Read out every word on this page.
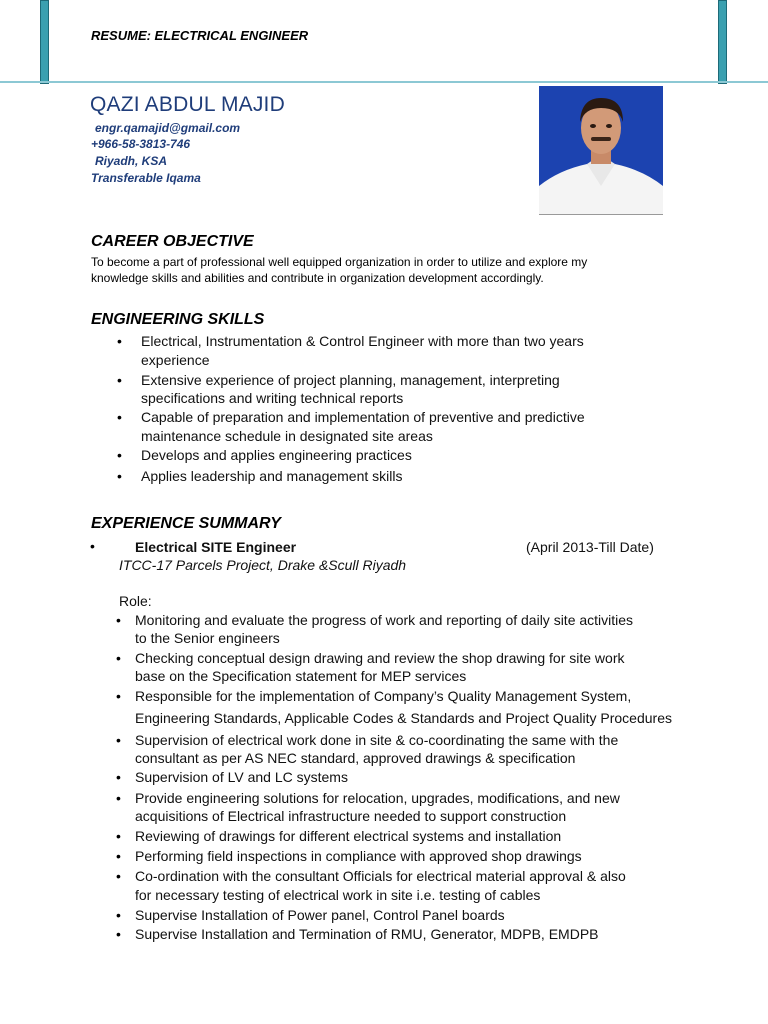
RESUME: ELECTRICAL ENGINEER
QAZI ABDUL MAJID
engr.qamajid@gmail.com
+966-58-3813-746
Riyadh, KSA
Transferable Iqama
CAREER OBJECTIVE
To become a part of professional well equipped organization in order to utilize and explore my
knowledge skills and abilities and contribute in organization development accordingly.
ENGINEERING SKILLS
• Electrical, Instrumentation & Control Engineer with more than two years
experience
• Extensive experience of project planning, management, interpreting
specifications and writing technical reports
• Capable of preparation and implementation of preventive and predictive
maintenance schedule in designated site areas
• Develops and applies engineering practices
• Applies leadership and management skills
EXPERIENCE SUMMARY
•	Electrical SITE Engineer	(April 2013-Till Date)
ITCC-17 Parcels Project, Drake &Scull Riyadh
Role:
• Monitoring and evaluate the progress of work and reporting of daily site activities
to the Senior engineers
• Checking conceptual design drawing and review the shop drawing for site work
base on the Specification statement for MEP services
• Responsible for the implementation of Company’s Quality Management System,
Engineering Standards, Applicable Codes & Standards and Project Quality Procedures
• Supervision of electrical work done in site & co-coordinating the same with the
consultant as per AS NEC standard, approved drawings & specification
• Supervision of LV and LC systems
• Provide engineering solutions for relocation, upgrades, modifications, and new
acquisitions of Electrical infrastructure needed to support construction
• Reviewing of drawings for different electrical systems and installation
• Performing field inspections in compliance with approved shop drawings
• Co-ordination with the consultant Officials for electrical material approval & also
for necessary testing of electrical work in site i.e. testing of cables
• Supervise Installation of Power panel, Control Panel boards
• Supervise Installation and Termination of RMU, Generator, MDPB, EMDPB
